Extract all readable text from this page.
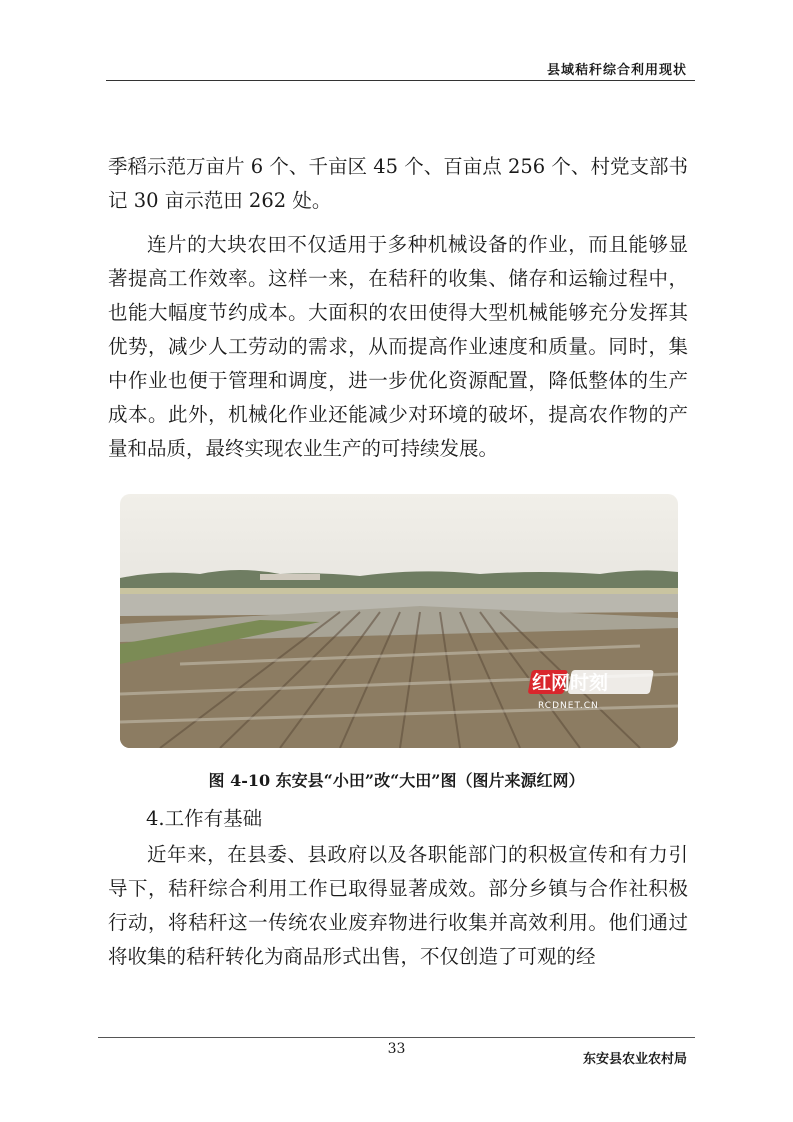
县域秸秆综合利用现状

季稻示范万亩片 6 个、千亩区 45 个、百亩点 256 个、村党支部书记 30 亩示范田 262 处。

连片的大块农田不仅适用于多种机械设备的作业，而且能够显著提高工作效率。这样一来，在秸秆的收集、储存和运输过程中，也能大幅度节约成本。大面积的农田使得大型机械能够充分发挥其优势，减少人工劳动的需求，从而提高作业速度和质量。同时，集中作业也便于管理和调度，进一步优化资源配置，降低整体的生产成本。此外，机械化作业还能减少对环境的破坏，提高农作物的产量和品质，最终实现农业生产的可持续发展。

红网时刻
RCDNET.CN
图 4-10 东安县“小田”改“大田”图（图片来源红网）
4.工作有基础

近年来，在县委、县政府以及各职能部门的积极宣传和有力引导下，秸秆综合利用工作已取得显著成效。部分乡镇与合作社积极行动，将秸秆这一传统农业废弃物进行收集并高效利用。他们通过将收集的秸秆转化为商品形式出售，不仅创造了可观的经

33
东安县农业农村局
